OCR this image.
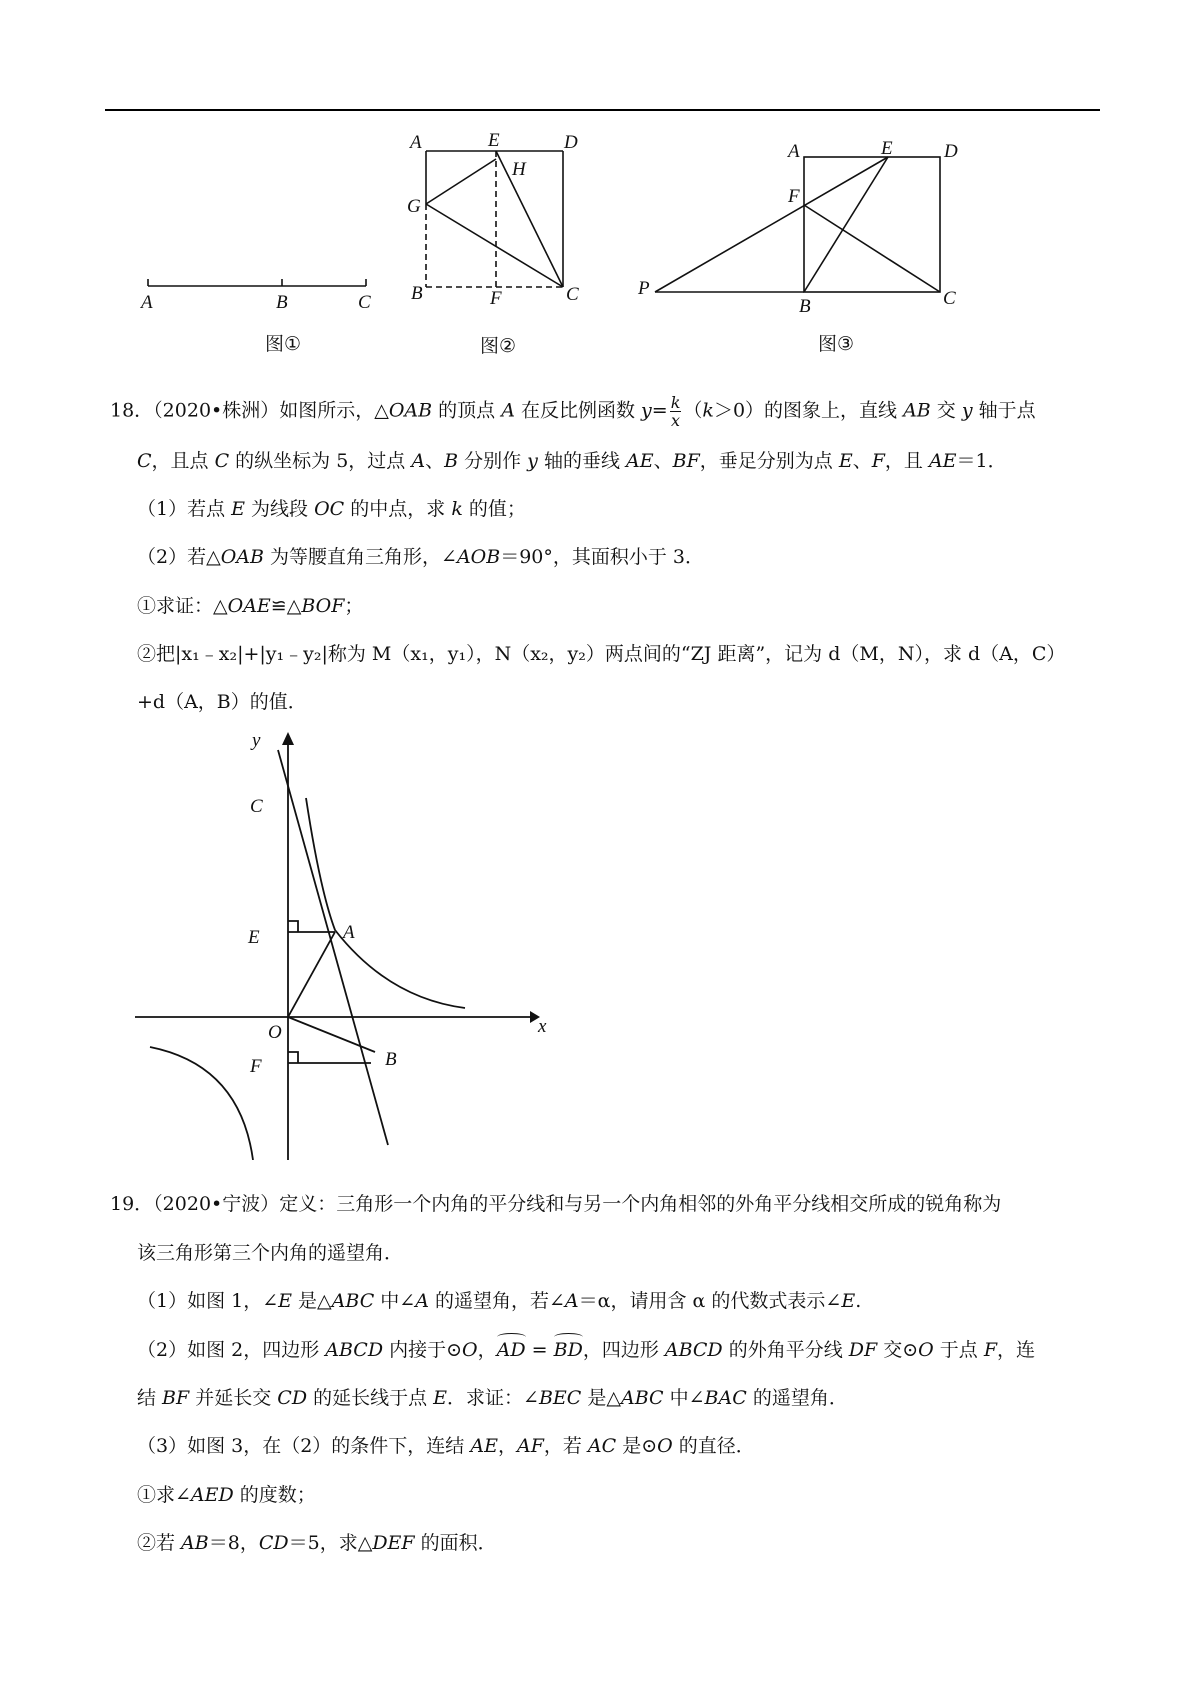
A	B	C
图①
A	E	D
H
G
B	F	C
图②
A	E	D
F
P
B	C
图③
18．（2020•株洲）如图所示，△OAB 的顶点 A 在反比例函数 $y= \frac{k}{x} (k>0)$的图象上，直线 AB 交 y 轴于点
C，且点 C 的纵坐标为 5，过点 A、B 分别作 y 轴的垂线 AE、BF，垂足分别为点 E、F，且 AE＝1．
（1）若点 E 为线段 OC 的中点，求 k 的值；
（2）若△OAB 为等腰直角三角形，∠AOB＝90°，其面积小于 3．
①求证：△OAE≌△BOF；
②把|x₁﹣x₂|+|y₁﹣y₂|称为 M（x₁，y₁），N（x₂，y₂）两点间的“ZJ 距离”，记为 d（M，N），求 d（A，C）
+d（A，B）的值．
y
C
E	A
O	x
F	B
19．（2020•宁波）定义：三角形一个内角的平分线和与另一个内角相邻的外角平分线相交所成的锐角称为
该三角形第三个内角的遥望角．
（1）如图 1，∠E 是△ABC 中∠A 的遥望角，若∠A＝α，请用含 α 的代数式表示∠E.
（2）如图 2，四边形 ABCD 内接于⊙O，AD = BD，四边形 ABCD 的外角平分线 DF 交⊙O 于点 F，连
结 BF 并延长交 CD 的延长线于点 E．求证：∠BEC 是△ABC 中∠BAC 的遥望角．
（3）如图 3，在（2）的条件下，连结 AE，AF，若 AC 是⊙O 的直径．
①求∠AED 的度数；
②若 AB＝8，CD＝5，求△DEF 的面积．
